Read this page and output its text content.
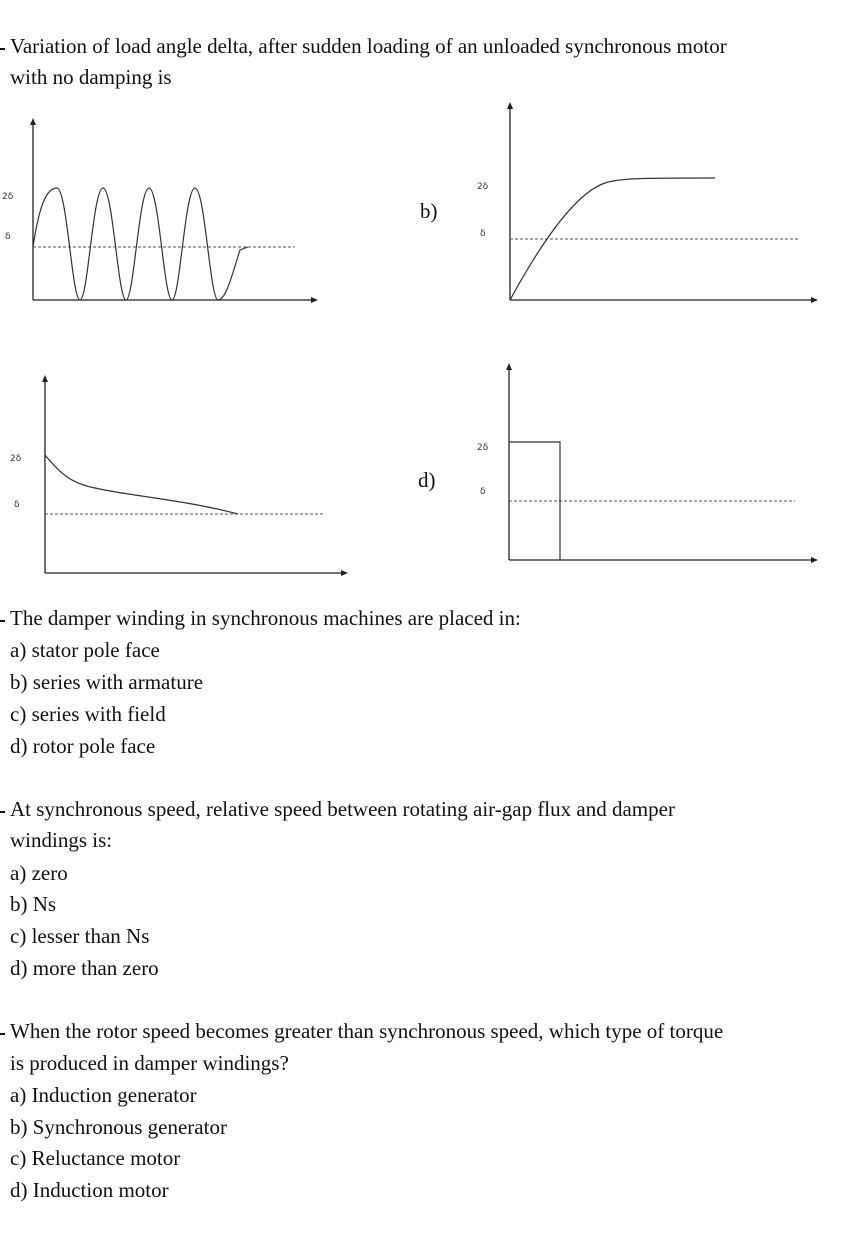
Variation of load angle delta, after sudden loading of an unloaded synchronous motor
with no damping is
2δ
δ
b)
2δ
δ
2δ
δ
d)
2δ
δ
The damper winding in synchronous machines are placed in:
a) stator pole face
b) series with armature
c) series with field
d) rotor pole face
At synchronous speed, relative speed between rotating air-gap flux and damper
windings is:
a) zero
b) Ns
c) lesser than Ns
d) more than zero
When the rotor speed becomes greater than synchronous speed, which type of torque
is produced in damper windings?
a) Induction generator
b) Synchronous generator
c) Reluctance motor
d) Induction motor
